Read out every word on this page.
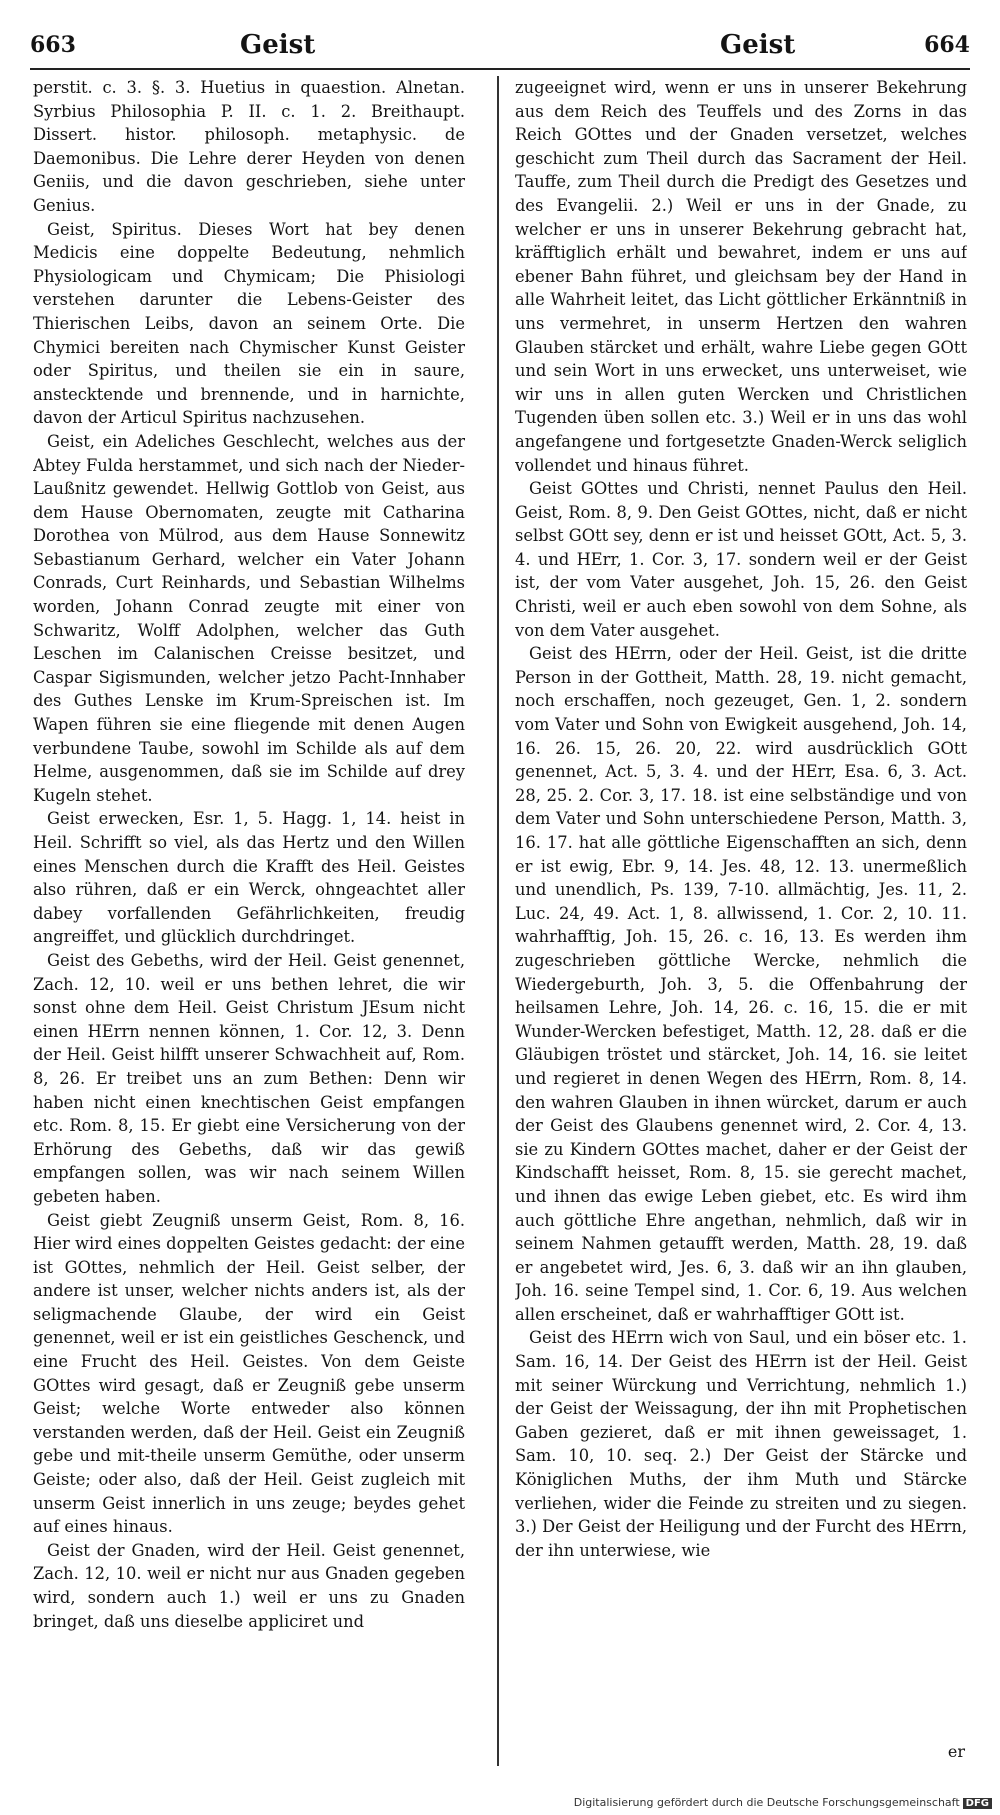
663	Geist	Geist	664

perstit. c. 3. §. 3. Huetius in quaestion. Alnetan. Syrbius Philosophia P. II. c. 1. 2. Breithaupt. Dissert. histor. philosoph. metaphysic. de Daemonibus. Die Lehre derer Heyden von denen Geniis, und die davon geschrieben, siehe unter Genius.

Geist, Spiritus. Dieses Wort hat bey denen Medicis eine doppelte Bedeutung, nehmlich Physiologicam und Chymicam; Die Phisiologi verstehen darunter die Lebens-Geister des Thierischen Leibs, davon an seinem Orte. Die Chymici bereiten nach Chymischer Kunst Geister oder Spiritus, und theilen sie ein in saure, anstecktende und brennende, und in harnichte, davon der Articul Spiritus nachzusehen.

Geist, ein Adeliches Geschlecht, welches aus der Abtey Fulda herstammet, und sich nach der Nieder-Laußnitz gewendet. Hellwig Gottlob von Geist, aus dem Hause Obernomaten, zeugte mit Catharina Dorothea von Mülrod, aus dem Hause Sonnewitz Sebastianum Gerhard, welcher ein Vater Johann Conrads, Curt Reinhards, und Sebastian Wilhelms worden, Johann Conrad zeugte mit einer von Schwaritz, Wolff Adolphen, welcher das Guth Leschen im Calanischen Creisse besitzet, und Caspar Sigismunden, welcher jetzo Pacht-Innhaber des Guthes Lenske im Krum-Spreischen ist. Im Wapen führen sie eine fliegende mit denen Augen verbundene Taube, sowohl im Schilde als auf dem Helme, ausgenommen, daß sie im Schilde auf drey Kugeln stehet.

Geist erwecken, Esr. 1, 5. Hagg. 1, 14. heist in Heil. Schrifft so viel, als das Hertz und den Willen eines Menschen durch die Krafft des Heil. Geistes also rühren, daß er ein Werck, ohngeachtet aller dabey vorfallenden Gefährlichkeiten, freudig angreiffet, und glücklich durchdringet.

Geist des Gebeths, wird der Heil. Geist genennet, Zach. 12, 10. weil er uns bethen lehret, die wir sonst ohne dem Heil. Geist Christum JEsum nicht einen HErrn nennen können, 1. Cor. 12, 3. Denn der Heil. Geist hilfft unserer Schwachheit auf, Rom. 8, 26. Er treibet uns an zum Bethen: Denn wir haben nicht einen knechtischen Geist empfangen etc. Rom. 8, 15. Er giebt eine Versicherung von der Erhörung des Gebeths, daß wir das gewiß empfangen sollen, was wir nach seinem Willen gebeten haben.

Geist giebt Zeugniß unserm Geist, Rom. 8, 16. Hier wird eines doppelten Geistes gedacht: der eine ist GOttes, nehmlich der Heil. Geist selber, der andere ist unser, welcher nichts anders ist, als der seligmachende Glaube, der wird ein Geist genennet, weil er ist ein geistliches Geschenck, und eine Frucht des Heil. Geistes. Von dem Geiste GOttes wird gesagt, daß er Zeugniß gebe unserm Geist; welche Worte entweder also können verstanden werden, daß der Heil. Geist ein Zeugniß gebe und mit-theile unserm Gemüthe, oder unserm Geiste; oder also, daß der Heil. Geist zugleich mit unserm Geist innerlich in uns zeuge; beydes gehet auf eines hinaus.

Geist der Gnaden, wird der Heil. Geist genennet, Zach. 12, 10. weil er nicht nur aus Gnaden gegeben wird, sondern auch 1.) weil er uns zu Gnaden bringet, daß uns dieselbe appliciret und

zugeeignet wird, wenn er uns in unserer Bekehrung aus dem Reich des Teuffels und des Zorns in das Reich GOttes und der Gnaden versetzet, welches geschicht zum Theil durch das Sacrament der Heil. Tauffe, zum Theil durch die Predigt des Gesetzes und des Evangelii. 2.) Weil er uns in der Gnade, zu welcher er uns in unserer Bekehrung gebracht hat, kräfftiglich erhält und bewahret, indem er uns auf ebener Bahn führet, und gleichsam bey der Hand in alle Wahrheit leitet, das Licht göttlicher Erkänntniß in uns vermehret, in unserm Hertzen den wahren Glauben stärcket und erhält, wahre Liebe gegen GOtt und sein Wort in uns erwecket, uns unterweiset, wie wir uns in allen guten Wercken und Christlichen Tugenden üben sollen etc. 3.) Weil er in uns das wohl angefangene und fortgesetzte Gnaden-Werck seliglich vollendet und hinaus führet.

Geist GOttes und Christi, nennet Paulus den Heil. Geist, Rom. 8, 9. Den Geist GOttes, nicht, daß er nicht selbst GOtt sey, denn er ist und heisset GOtt, Act. 5, 3. 4. und HErr, 1. Cor. 3, 17. sondern weil er der Geist ist, der vom Vater ausgehet, Joh. 15, 26. den Geist Christi, weil er auch eben sowohl von dem Sohne, als von dem Vater ausgehet.

Geist des HErrn, oder der Heil. Geist, ist die dritte Person in der Gottheit, Matth. 28, 19. nicht gemacht, noch erschaffen, noch gezeuget, Gen. 1, 2. sondern vom Vater und Sohn von Ewigkeit ausgehend, Joh. 14, 16. 26. 15, 26. 20, 22. wird ausdrücklich GOtt genennet, Act. 5, 3. 4. und der HErr, Esa. 6, 3. Act. 28, 25. 2. Cor. 3, 17. 18. ist eine selbständige und von dem Vater und Sohn unterschiedene Person, Matth. 3, 16. 17. hat alle göttliche Eigenschafften an sich, denn er ist ewig, Ebr. 9, 14. Jes. 48, 12. 13. unermeßlich und unendlich, Ps. 139, 7-10. allmächtig, Jes. 11, 2. Luc. 24, 49. Act. 1, 8. allwissend, 1. Cor. 2, 10. 11. wahrhafftig, Joh. 15, 26. c. 16, 13. Es werden ihm zugeschrieben göttliche Wercke, nehmlich die Wiedergeburth, Joh. 3, 5. die Offenbahrung der heilsamen Lehre, Joh. 14, 26. c. 16, 15. die er mit Wunder-Wercken befestiget, Matth. 12, 28. daß er die Gläubigen tröstet und stärcket, Joh. 14, 16. sie leitet und regieret in denen Wegen des HErrn, Rom. 8, 14. den wahren Glauben in ihnen würcket, darum er auch der Geist des Glaubens genennet wird, 2. Cor. 4, 13. sie zu Kindern GOttes machet, daher er der Geist der Kindschafft heisset, Rom. 8, 15. sie gerecht machet, und ihnen das ewige Leben giebet, etc. Es wird ihm auch göttliche Ehre angethan, nehmlich, daß wir in seinem Nahmen getaufft werden, Matth. 28, 19. daß er angebetet wird, Jes. 6, 3. daß wir an ihn glauben, Joh. 16. seine Tempel sind, 1. Cor. 6, 19. Aus welchen allen erscheinet, daß er wahrhafftiger GOtt ist.

Geist des HErrn wich von Saul, und ein böser etc. 1. Sam. 16, 14. Der Geist des HErrn ist der Heil. Geist mit seiner Würckung und Verrichtung, nehmlich 1.) der Geist der Weissagung, der ihn mit Prophetischen Gaben gezieret, daß er mit ihnen geweissaget, 1. Sam. 10, 10. seq. 2.) Der Geist der Stärcke und Königlichen Muths, der ihm Muth und Stärcke verliehen, wider die Feinde zu streiten und zu siegen. 3.) Der Geist der Heiligung und der Furcht des HErrn, der ihn unterwiese, wie

er
Digitalisierung gefördert durch die Deutsche Forschungsgemeinschaft DFG
